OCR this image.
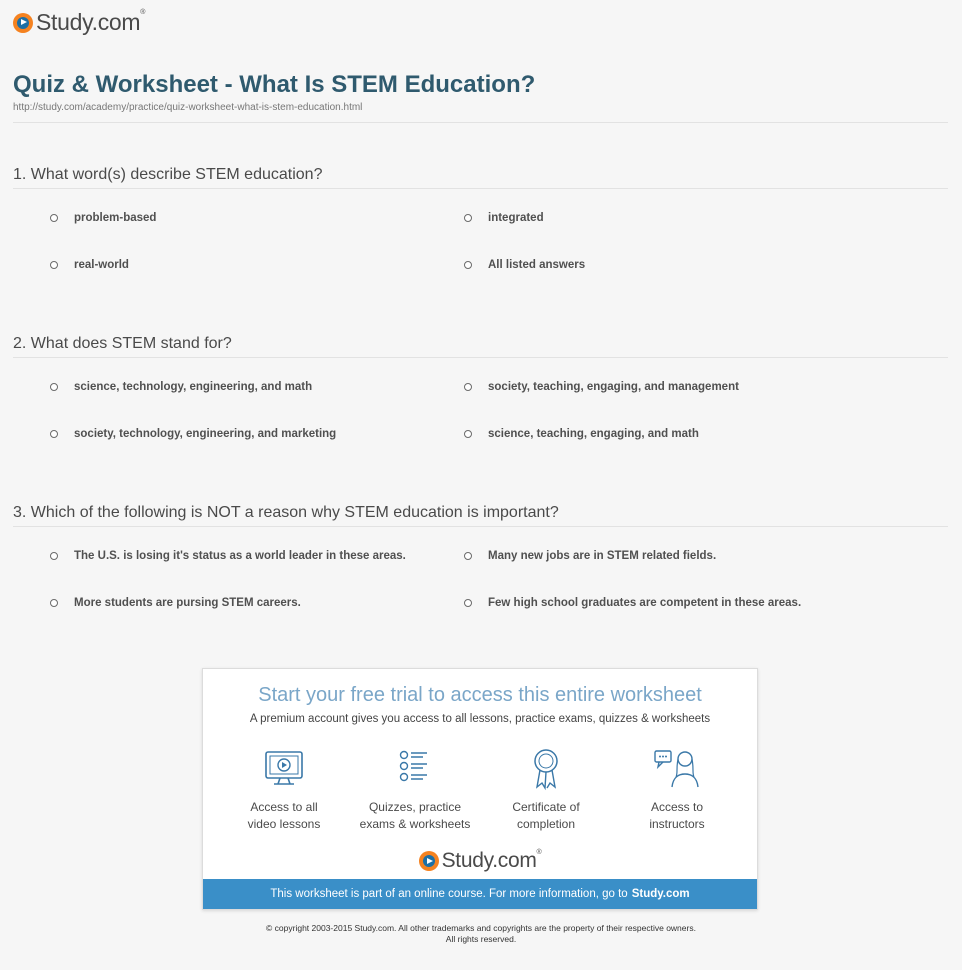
Study.com®
Quiz & Worksheet - What Is STEM Education?
http://study.com/academy/practice/quiz-worksheet-what-is-stem-education.html
1. What word(s) describe STEM education?
problem-based	integrated
real-world	All listed answers
2. What does STEM stand for?
science, technology, engineering, and math	society, teaching, engaging, and management
society, technology, engineering, and marketing	science, teaching, engaging, and math
3. Which of the following is NOT a reason why STEM education is important?
The U.S. is losing it's status as a world leader in these areas.	Many new jobs are in STEM related fields.
More students are pursing STEM careers.	Few high school graduates are competent in these areas.
Start your free trial to access this entire worksheet
A premium account gives you access to all lessons, practice exams, quizzes & worksheets
Access to all
video lessons
Quizzes, practice
exams & worksheets
Certificate of
completion
Access to
instructors
Study.com®
This worksheet is part of an online course. For more information, go to Study.com
© copyright 2003-2015 Study.com. All other trademarks and copyrights are the property of their respective owners.
All rights reserved.
